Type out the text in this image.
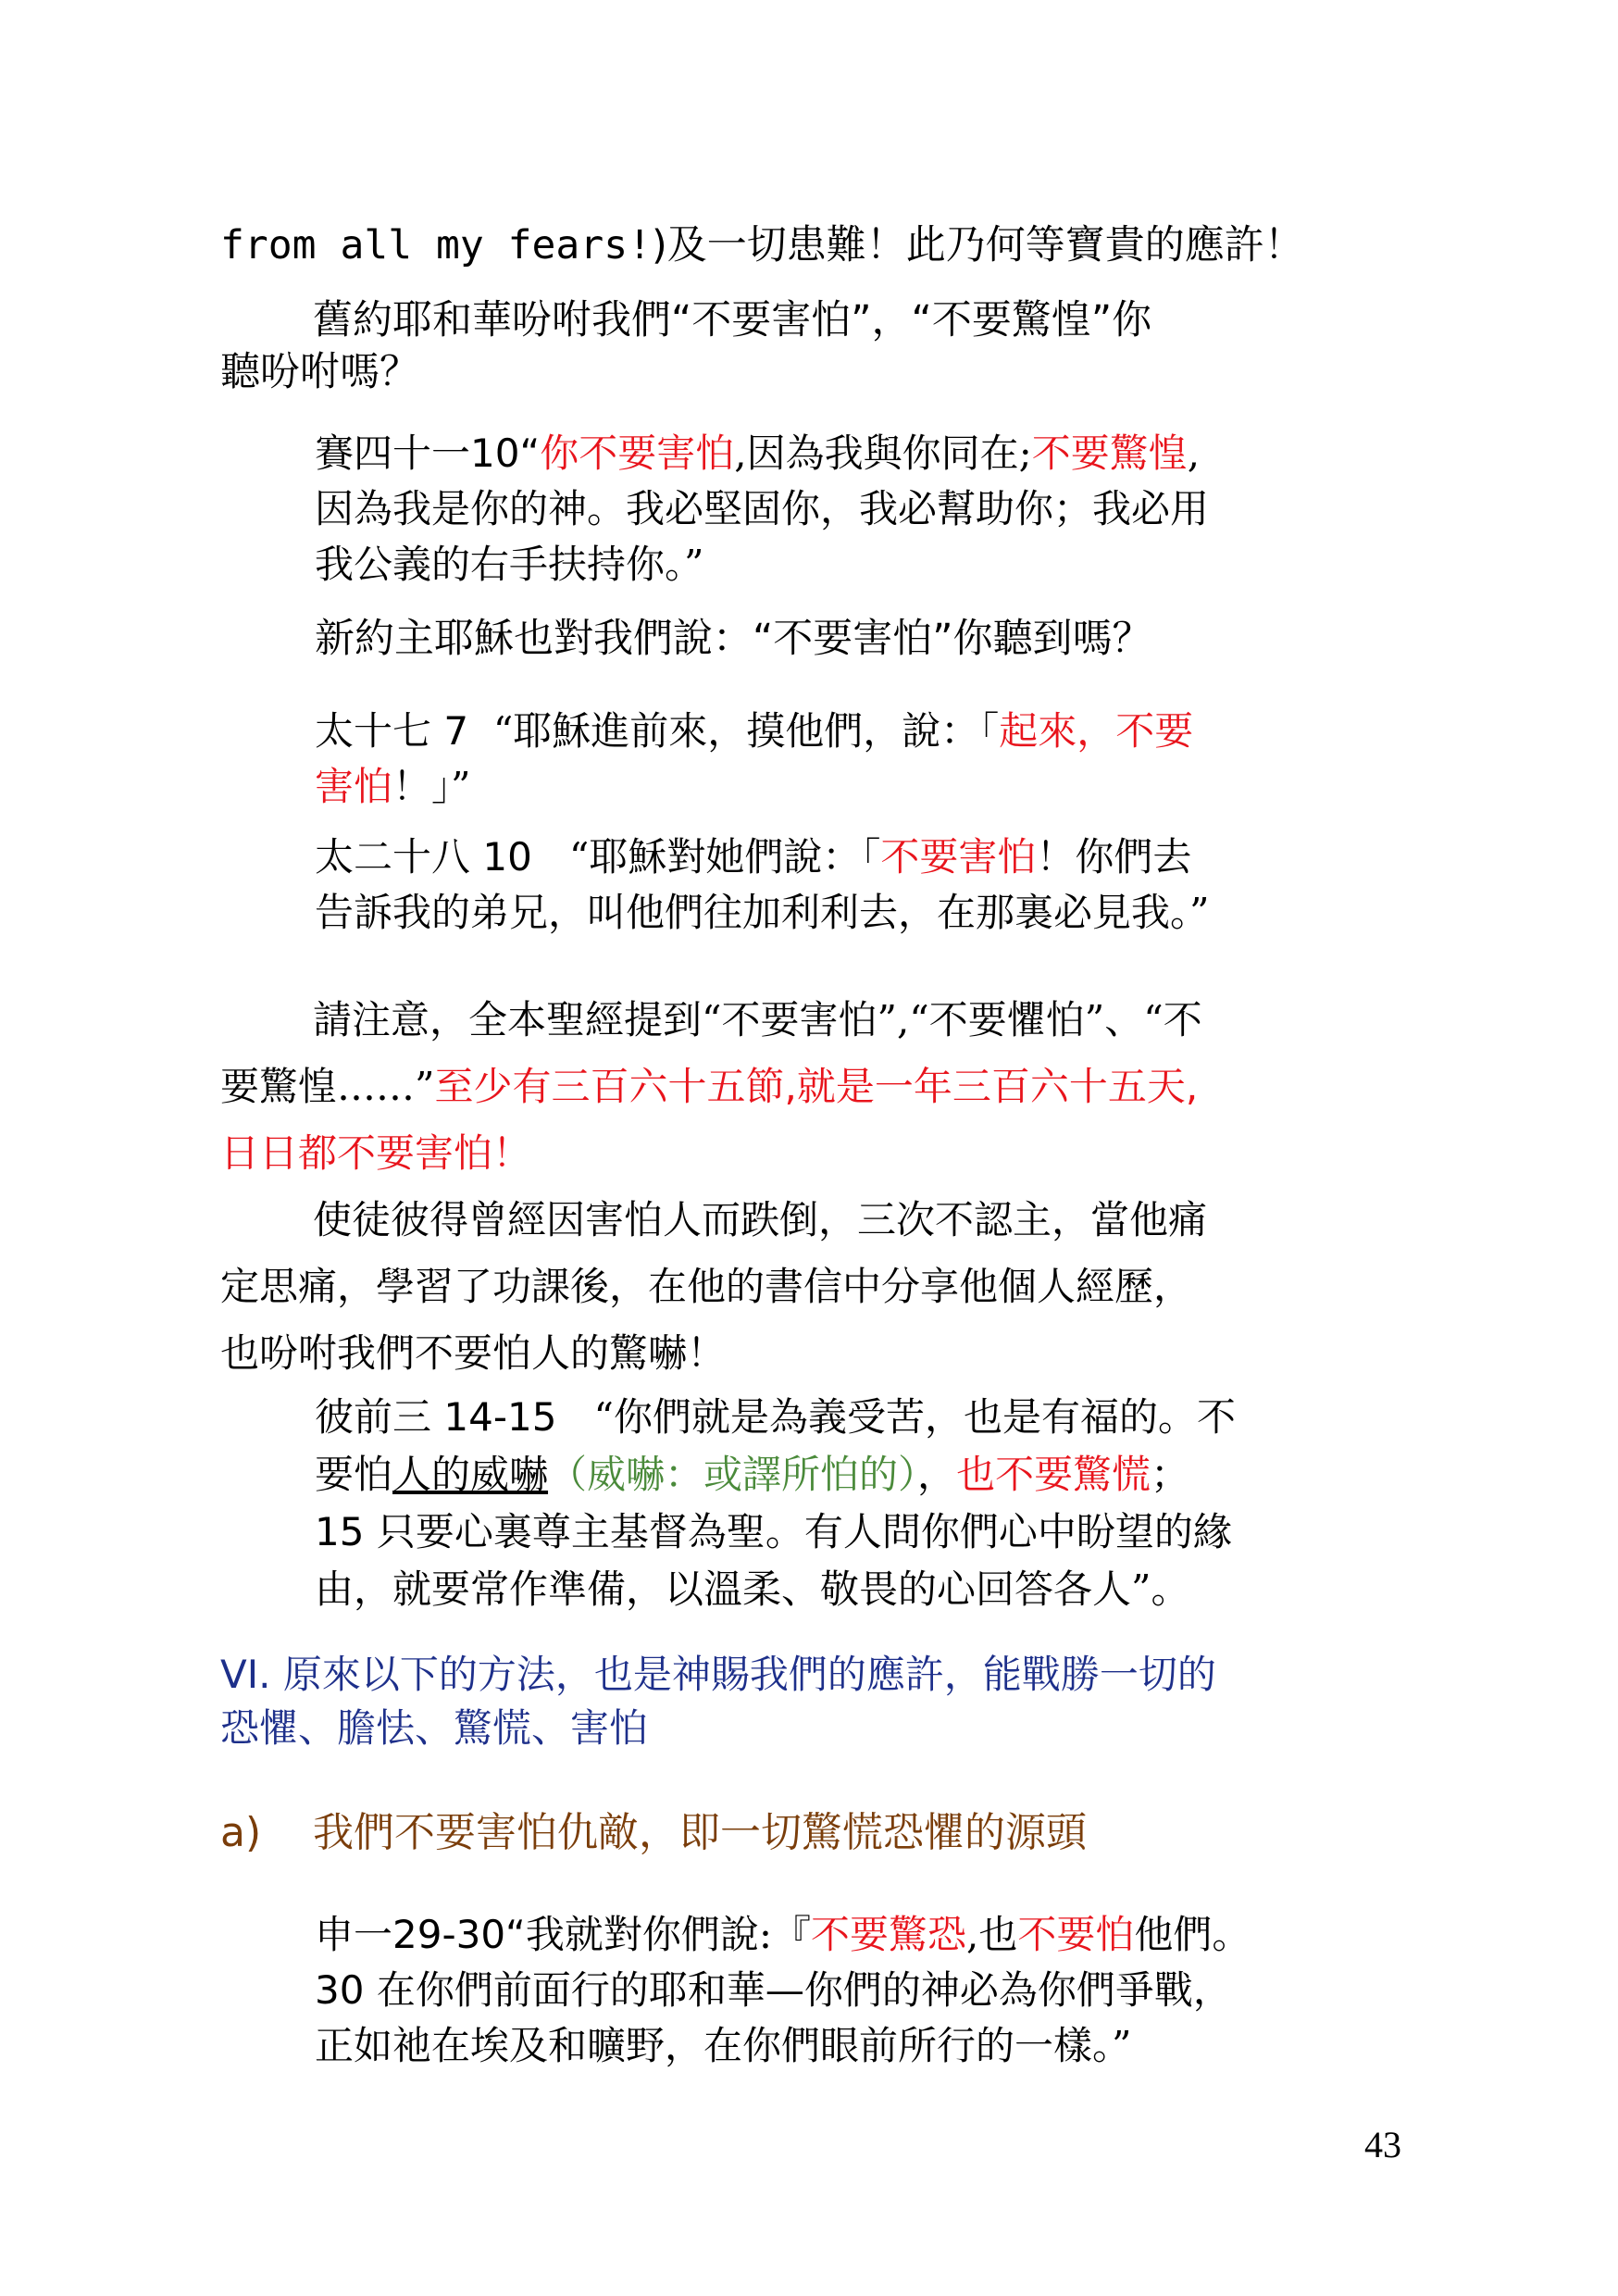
from all my fears!)及一切患難！此乃何等寶貴的應許！

舊約耶和華吩咐我們“不要害怕”，“不要驚惶”你
聽吩咐嗎？

賽四十一10“你不要害怕,因為我與你同在;不要驚惶,
因為我是你的神。我必堅固你，我必幫助你；我必用
我公義的右手扶持你。”

新約主耶穌也對我們說：“不要害怕”你聽到嗎？

太十七 7 “耶穌進前來，摸他們，說：「起來，不要
害怕！」”
太二十八 10 “耶穌對她們說：「不要害怕！你們去
告訴我的弟兄，叫他們往加利利去，在那裏必見我。”
請注意，全本聖經提到“不要害怕”,“不要懼怕”、“不
要驚惶……”至少有三百六十五節,就是一年三百六十五天,
日日都不要害怕！
使徒彼得曾經因害怕人而跌倒，三次不認主，當他痛
定思痛，學習了功課後，在他的書信中分享他個人經歷，
也吩咐我們不要怕人的驚嚇！
彼前三 14-15 “你們就是為義受苦，也是有福的。不
要怕人的威嚇（威嚇：或譯所怕的），也不要驚慌；
15 只要心裏尊主基督為聖。有人問你們心中盼望的緣
由，就要常作準備，以溫柔、敬畏的心回答各人”。
VI. 原來以下的方法，也是神賜我們的應許，能戰勝一切的
恐懼、膽怯、驚慌、害怕
a) 我們不要害怕仇敵，即一切驚慌恐懼的源頭
申一29-30“我就對你們說:『不要驚恐,也不要怕他們。
30 在你們前面行的耶和華—你們的神必為你們爭戰，
正如祂在埃及和曠野，在你們眼前所行的一樣。”
43
